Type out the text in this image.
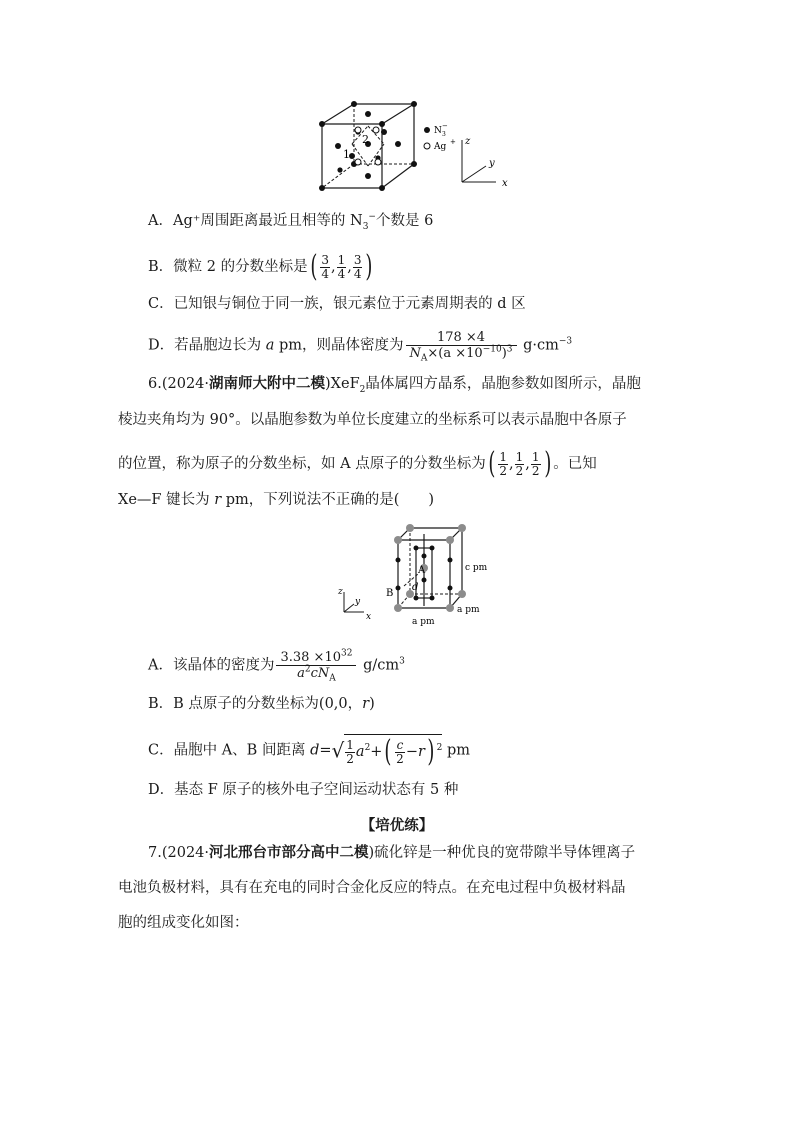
2
1
N 3
−
Ag + z
y
x
A．Ag⁺周围距离最近且相等的 $N_3^-$个数是 6
B．微粒 2 的分数坐标是( $\frac{3}{4}$ , $\frac{1}{4}$ , $\frac{3}{4}$ )
C．已知银与铜位于同一族，银元素位于元素周期表的 d 区
D．若晶胞边长为 a pm，则晶体密度为 $\frac{178 \times 4}{N_A\times(a \times 10^{-10})^3} g\cdot cm^{-3}$
6.(2024·湖南师大附中二模)XeF$_2$晶体属四方晶系，晶胞参数如图所示，晶胞
棱边夹角均为 90°。以晶胞参数为单位长度建立的坐标系可以表示晶胞中各原子
的位置，称为原子的分数坐标，如 A 点原子的分数坐标为( $\frac{1}{2}$ , $\frac{1}{2}$ , $\frac{1}{2}$ ) 。已知
Xe—F 键长为 r pm，下列说法不正确的是(　　)
A
B
d
c pm
a pm
a pm
z
y
x
A．该晶体的密度为 $\frac{3.38 \times 10^{32}}{a^2cN_A} g/cm^3$
B．B 点原子的分数坐标为(0,0，r)
C．晶胞中 A、B 间距离 $d=√ \frac{1}{2} a^2+( \frac{c}{2} -r)$ $^2$ pm
D．基态 F 原子的核外电子空间运动状态有 5 种
【培优练】
7.(2024·河北邢台市部分高中二模)硫化锌是一种优良的宽带隙半导体锂离子
电池负极材料，具有在充电的同时合金化反应的特点。在充电过程中负极材料晶
胞的组成变化如图：
